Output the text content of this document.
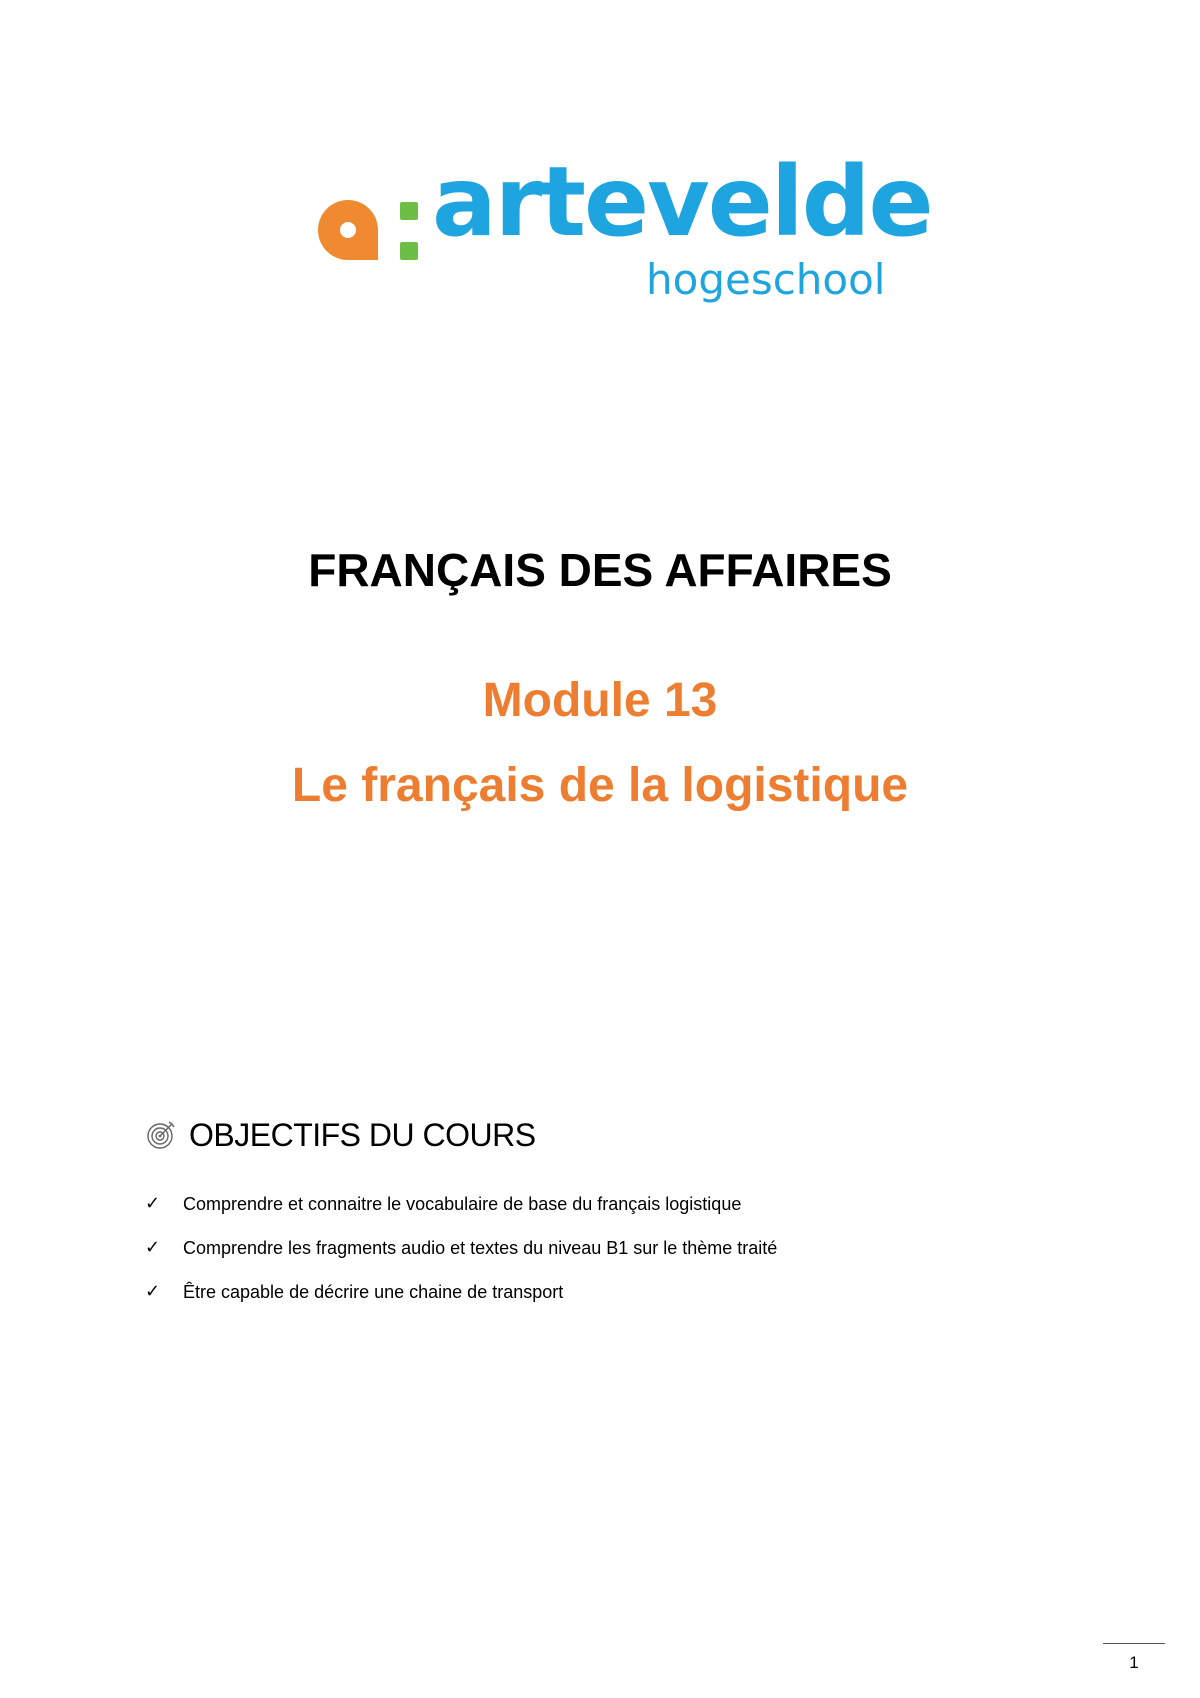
artevelde
hogeschool
FRANÇAIS DES AFFAIRES
Module 13
Le français de la logistique
OBJECTIFS DU COURS
✓ Comprendre et connaitre le vocabulaire de base du français logistique
✓ Comprendre les fragments audio et textes du niveau B1 sur le thème traité
✓ Être capable de décrire une chaine de transport
1
